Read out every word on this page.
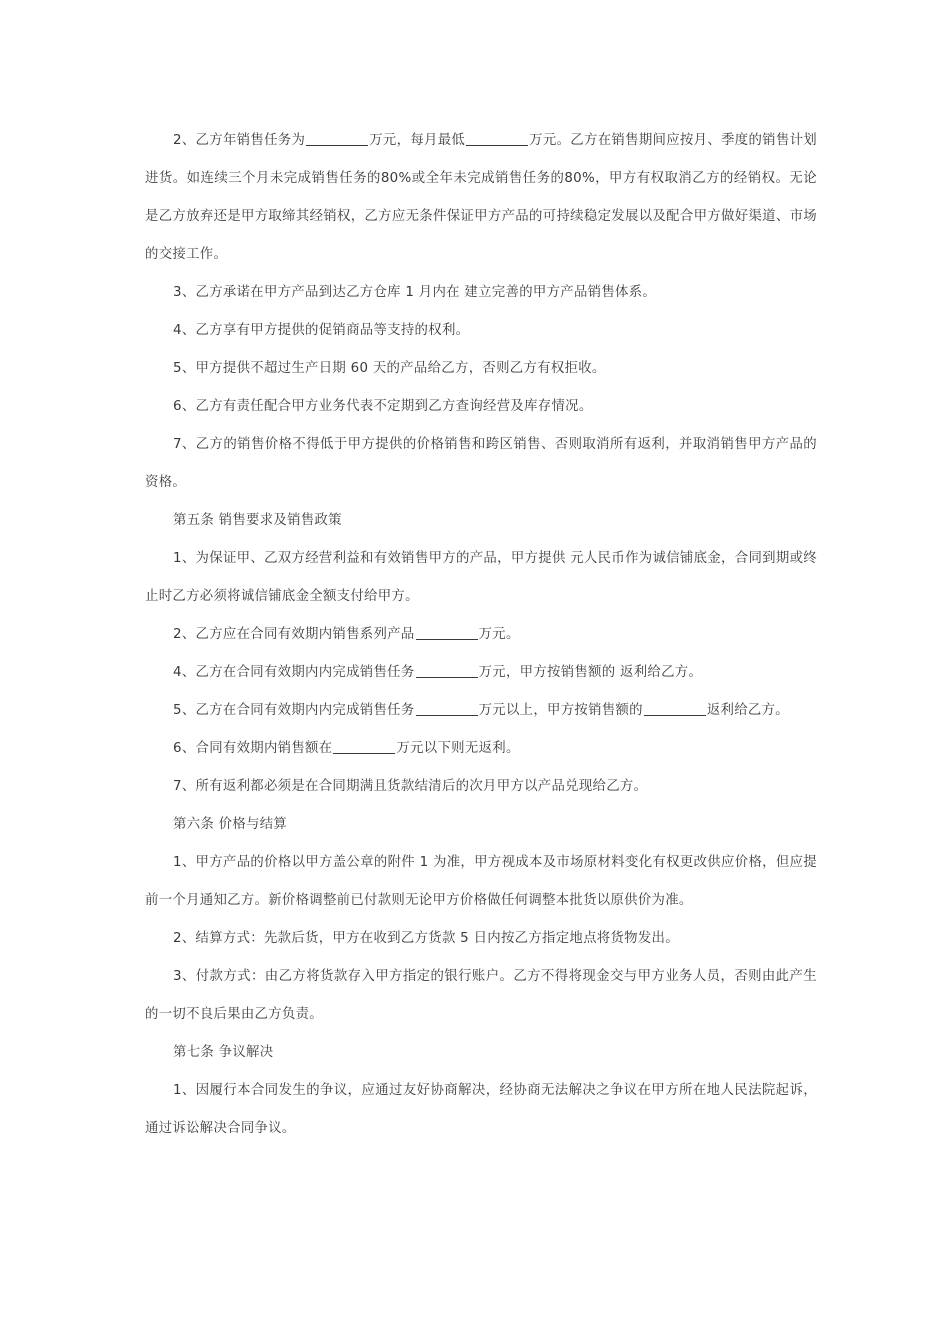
2、乙方年销售任务为	万元，每月最低	万元。乙方在销售期间应按月、季度的销售计划进货。如连续三个月未完成销售任务的80%或全年未完成销售任务的80%，甲方有权取消乙方的经销权。无论是乙方放弃还是甲方取缔其经销权，乙方应无条件保证甲方产品的可持续稳定发展以及配合甲方做好渠道、市场的交接工作。

3、乙方承诺在甲方产品到达乙方仓库 1 月内在 建立完善的甲方产品销售体系。

4、乙方享有甲方提供的促销商品等支持的权利。

5、甲方提供不超过生产日期 60 天的产品给乙方，否则乙方有权拒收。

6、乙方有责任配合甲方业务代表不定期到乙方查询经营及库存情况。

7、乙方的销售价格不得低于甲方提供的价格销售和跨区销售、否则取消所有返利，并取消销售甲方产品的资格。

第五条 销售要求及销售政策

1、为保证甲、乙双方经营利益和有效销售甲方的产品，甲方提供 元人民币作为诚信铺底金，合同到期或终止时乙方必须将诚信铺底金全额支付给甲方。

2、乙方应在合同有效期内销售系列产品	万元。

4、乙方在合同有效期内内完成销售任务	万元，甲方按销售额的 返利给乙方。

5、乙方在合同有效期内内完成销售任务	万元以上，甲方按销售额的	返利给乙方。

6、合同有效期内销售额在	万元以下则无返利。

7、所有返利都必须是在合同期满且货款结清后的次月甲方以产品兑现给乙方。

第六条 价格与结算

1、甲方产品的价格以甲方盖公章的附件 1 为准，甲方视成本及市场原材料变化有权更改供应价格，但应提前一个月通知乙方。新价格调整前已付款则无论甲方价格做任何调整本批货以原供价为准。

2、结算方式：先款后货，甲方在收到乙方货款 5 日内按乙方指定地点将货物发出。

3、付款方式：由乙方将货款存入甲方指定的银行账户。乙方不得将现金交与甲方业务人员，否则由此产生的一切不良后果由乙方负责。

第七条 争议解决

1、因履行本合同发生的争议，应通过友好协商解决，经协商无法解决之争议在甲方所在地人民法院起诉，通过诉讼解决合同争议。
